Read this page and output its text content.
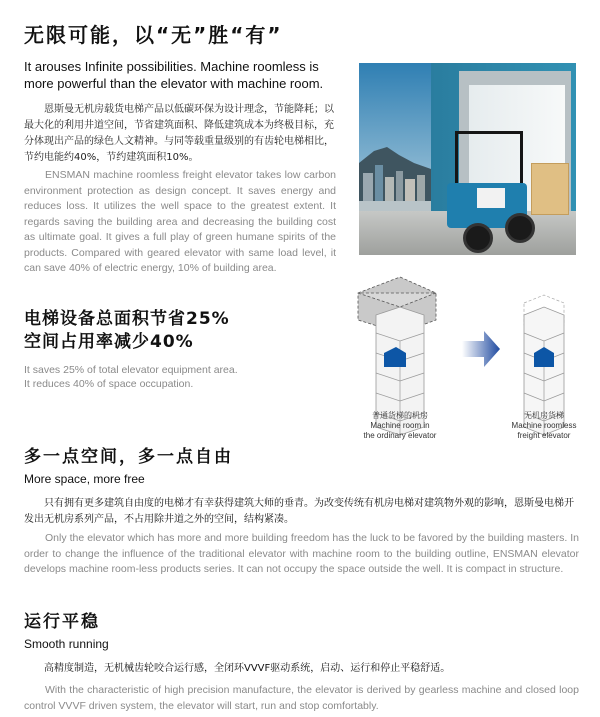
无限可能，以“无”胜“有”
It arouses Infinite possibilities. Machine roomless is
more powerful than the elevator with machine room.
恩斯曼无机房载货电梯产品以低碳环保为设计理念，节能降耗；以最大化的利用井道空间，节省建筑面积、降低建筑成本为终极目标，充分体现出产品的绿色人文精神。与同等载重量级别的有齿轮电梯相比，节约电能约40%，节约建筑面积10%。
ENSMAN machine roomless freight elevator takes low carbon environment protection as design concept. It saves energy and reduces loss. It utilizes the well space to the greatest extent. It regards saving the building area and decreasing the building cost as ultimate goal. It gives a full play of green humane spirits of the products. Compared with geared elevator with same load level, it can save 40% of electric energy, 10% of building area.
电梯设备总面积节省25%
空间占用率减少40%
It saves 25% of total elevator equipment area.
It reduces 40% of space occupation.
普通货梯的机房
Machine room in
the ordinary elevator
无机房货梯
Machine roomless
freight elevator
多一点空间，多一点自由
More space, more free
只有拥有更多建筑自由度的电梯才有幸获得建筑大师的垂青。为改变传统有机房电梯对建筑物外观的影响，恩斯曼电梯开发出无机房系列产品，不占用除井道之外的空间，结构紧凑。
Only the elevator which has more and more building freedom has the luck to be favored by the building masters. In order to change the influence of the traditional elevator with machine room to the building outline, ENSMAN elevator develops machine room-less products series. It can not occupy the space outside the well. It is compact in structure.
运行平稳
Smooth running
高精度制造，无机械齿轮咬合运行感，全闭环VVVF驱动系统，启动、运行和停止平稳舒适。
With the characteristic of high precision manufacture, the elevator is derived by gearless machine and closed loop control VVVF driven system, the elevator will start, run and stop comfortably.
